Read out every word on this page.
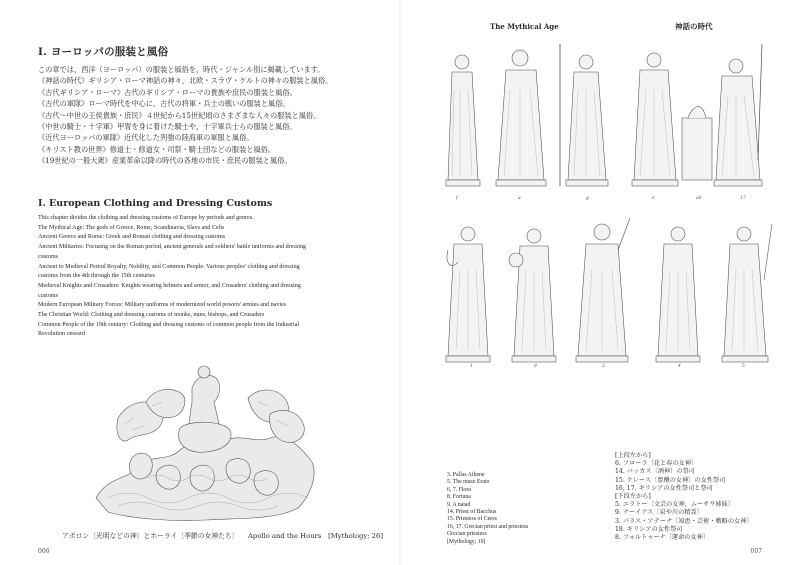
I. ヨーロッパの服装と風俗
この章では，西洋（ヨーロッパ）の服装と風俗を，時代・ジャンル別に掲載しています。
《神話の時代》ギリシア・ローマ神話の神々，北欧・スラヴ・ケルトの神々の服装と風俗。
《古代ギリシア・ローマ》古代のギリシア・ローマの貴族や庶民の服装と風俗。
《古代の軍隊》ローマ時代を中心に，古代の将軍・兵士の戦いの服装と風俗。
《古代〜中世の王侯貴族・庶民》４世紀から15世紀頃のさまざまな人々の服装と風俗。
《中世の騎士・十字軍》甲冑を身に着けた騎士や，十字軍兵士らの服装と風俗。
《近代ヨーロッパの軍隊》近代化した列強の陸海軍の軍服と風俗。
《キリスト教の世界》修道士・修道女・司祭・騎士団などの服装と風俗。
《19世紀の一般大衆》産業革命以降の時代の各地の市民・庶民の服装と風俗。
I. European Clothing and Dressing Customs
This chapter divides the clothing and dressing customs of Europe by periods and genres.
The Mythical Age: The gods of Greece, Rome, Scandinavia, Slavs and Celts
Ancient Greece and Rome: Greek and Roman clothing and dressing customs
Ancient Militaries: Focusing on the Roman period, ancient generals and soldiers' battle uniforms and dressing
customs
Ancient to Medieval Period Royalty, Nobility, and Common People: Various peoples' clothing and dressing
customs from the 4th through the 15th centuries
Medieval Knights and Crusaders: Knights wearing helmets and armor, and Crusaders' clothing and dressing
customs
Modern European Military Forces: Military uniforms of modernized world powers' armies and navies
The Christian World: Clothing and dressing customs of monks, nuns, bishops, and Crusaders
Common People of the 19th century: Clothing and dressing customs of common people from the Industrial
Revolution onward
アポロン〔光明などの神〕とホーライ〔季節の女神たち〕 Apollo and the Hours　[Mythology; 26]
006
The Mythical Age	神話の時代
f	a	g	e	ab	17
1	8	2	4	5
3. Pallas Athene
5. The muse Erato
6, 7. Flora
8. Fortuna
9. A naiad
14. Priest of Bacchus
15. Priestess of Ceres
16, 17. Grecian priest and priestess
Grecian priestess
[Mythology; 19]
[上段左から]
6. フローラ〔花と春の女神〕
14. バッカス〔酒神〕の祭司
15. ケレース〔豊穣の女神〕の女性祭司
16, 17. ギリシアの女性祭司と祭司
[下段左から]
5. エラトー〔文芸の女神，ムーサ９姉妹〕
9. ナーイアス〔泉や川の精霊〕
3. パラス・アテーナ〔知恵・芸術・戦略の女神〕
18. ギリシアの女性祭司
8. フォルトゥーナ〔運命の女神〕
007
